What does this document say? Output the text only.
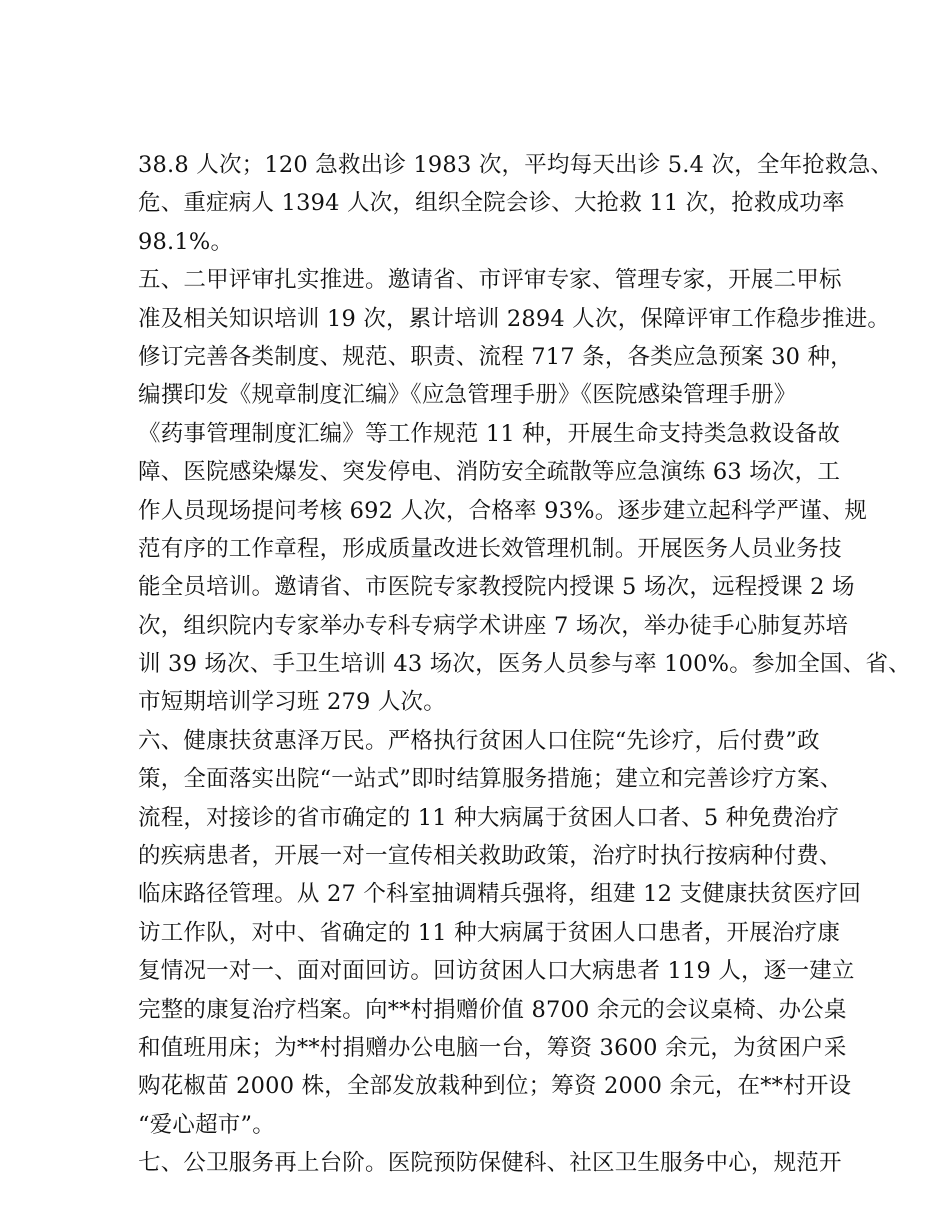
38.8 人次；120 急救出诊 1983 次，平均每天出诊 5.4 次，全年抢救急、
危、重症病人 1394 人次，组织全院会诊、大抢救 11 次，抢救成功率
98.1%。
五、二甲评审扎实推进。邀请省、市评审专家、管理专家，开展二甲标
准及相关知识培训 19 次，累计培训 2894 人次，保障评审工作稳步推进。
修订完善各类制度、规范、职责、流程 717 条，各类应急预案 30 种，
编撰印发《规章制度汇编》《应急管理手册》《医院感染管理手册》
《药事管理制度汇编》等工作规范 11 种，开展生命支持类急救设备故
障、医院感染爆发、突发停电、消防安全疏散等应急演练 63 场次，工
作人员现场提问考核 692 人次，合格率 93%。逐步建立起科学严谨、规
范有序的工作章程，形成质量改进长效管理机制。开展医务人员业务技
能全员培训。邀请省、市医院专家教授院内授课 5 场次，远程授课 2 场
次，组织院内专家举办专科专病学术讲座 7 场次，举办徒手心肺复苏培
训 39 场次、手卫生培训 43 场次，医务人员参与率 100%。参加全国、省、
市短期培训学习班 279 人次。
六、健康扶贫惠泽万民。严格执行贫困人口住院“先诊疗，后付费”政
策，全面落实出院“一站式”即时结算服务措施；建立和完善诊疗方案、
流程，对接诊的省市确定的 11 种大病属于贫困人口者、5 种免费治疗
的疾病患者，开展一对一宣传相关救助政策，治疗时执行按病种付费、
临床路径管理。从 27 个科室抽调精兵强将，组建 12 支健康扶贫医疗回
访工作队，对中、省确定的 11 种大病属于贫困人口患者，开展治疗康
复情况一对一、面对面回访。回访贫困人口大病患者 119 人，逐一建立
完整的康复治疗档案。向**村捐赠价值 8700 余元的会议桌椅、办公桌
和值班用床；为**村捐赠办公电脑一台，筹资 3600 余元，为贫困户采
购花椒苗 2000 株，全部发放栽种到位；筹资 2000 余元，在**村开设
“爱心超市”。
七、公卫服务再上台阶。医院预防保健科、社区卫生服务中心，规范开
